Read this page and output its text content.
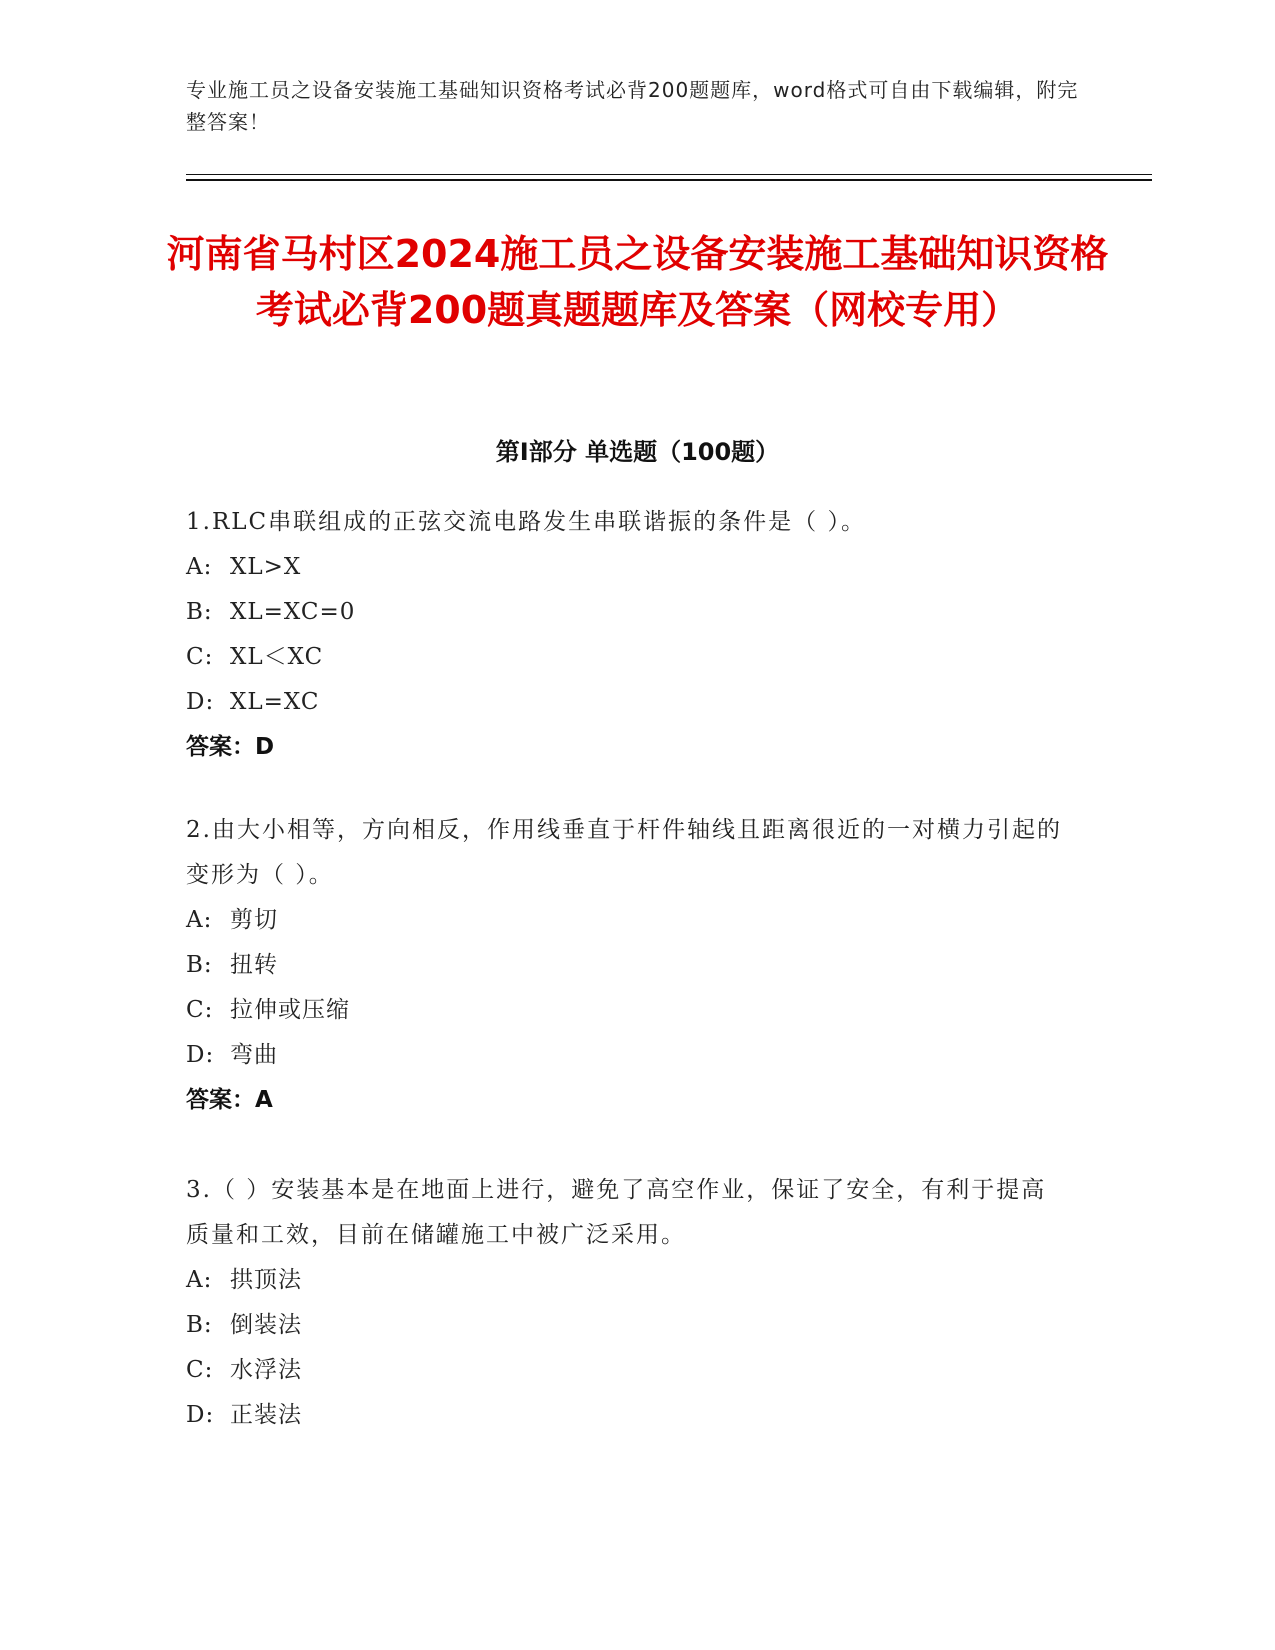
专业施工员之设备安装施工基础知识资格考试必背200题题库，word格式可自由下载编辑，附完整答案！
河南省马村区2024施工员之设备安装施工基础知识资格考试必背200题真题题库及答案（网校专用）
第I部分 单选题（100题）
1.RLC串联组成的正弦交流电路发生串联谐振的条件是（ ）。
A: XL>X
B: XL=XC=0
C: XL＜XC
D: XL=XC
答案：D
2.由大小相等，方向相反，作用线垂直于杆件轴线且距离很近的一对横力引起的变形为（ ）。
A: 剪切
B: 扭转
C: 拉伸或压缩
D: 弯曲
答案：A
3.（ ）安装基本是在地面上进行，避免了高空作业，保证了安全，有利于提高质量和工效，目前在储罐施工中被广泛采用。
A: 拱顶法
B: 倒装法
C: 水浮法
D: 正装法
